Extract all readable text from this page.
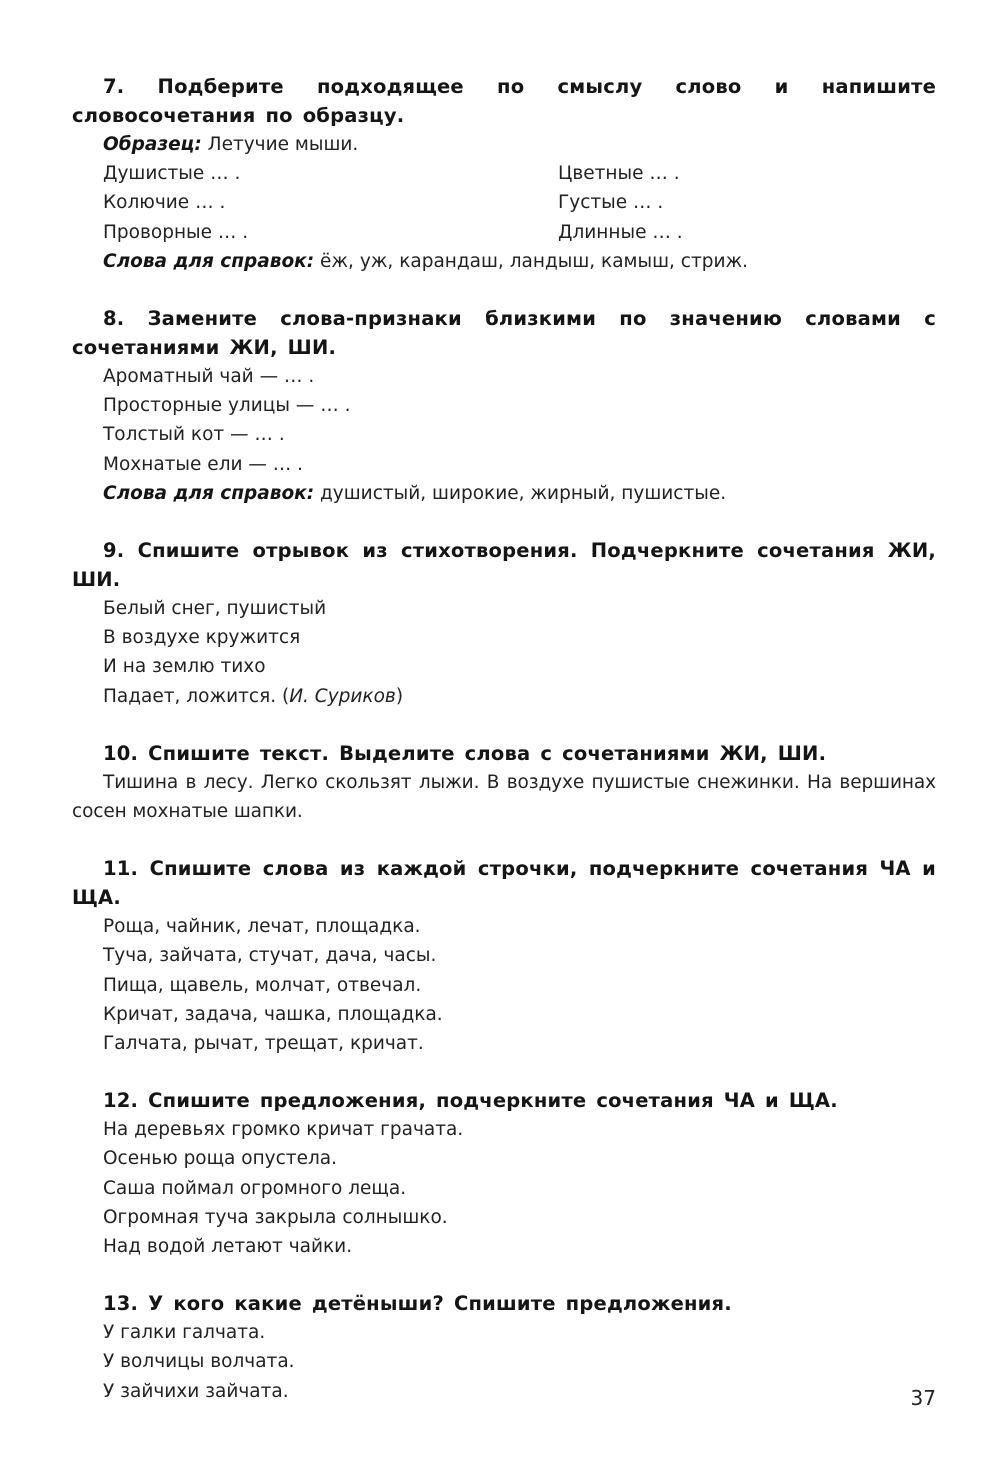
7. Подберите подходящее по смыслу слово и напишите словосочетания по образцу.
Образец: Летучие мыши.
Душистые … .	Цветные … .
Колючие … .	Густые … .
Проворные … .	Длинные … .
Слова для справок: ёж, уж, карандаш, ландыш, камыш, стриж.
8. Замените слова-признаки близкими по значению словами с сочетаниями ЖИ, ШИ.
Ароматный чай — … .
Просторные улицы — … .
Толстый кот — … .
Мохнатые ели — … .
Слова для справок: душистый, широкие, жирный, пушистые.
9. Спишите отрывок из стихотворения. Подчеркните сочетания ЖИ, ШИ.
Белый снег, пушистый
В воздухе кружится
И на землю тихо
Падает, ложится. (И. Суриков)
10. Спишите текст. Выделите слова с сочетаниями ЖИ, ШИ.
Тишина в лесу. Легко скользят лыжи. В воздухе пушистые снежинки. На вершинах сосен мохнатые шапки.
11. Спишите слова из каждой строчки, подчеркните сочетания ЧА и ЩА.
Роща, чайник, лечат, площадка.
Туча, зайчата, стучат, дача, часы.
Пища, щавель, молчат, отвечал.
Кричат, задача, чашка, площадка.
Галчата, рычат, трещат, кричат.
12. Спишите предложения, подчеркните сочетания ЧА и ЩА.
На деревьях громко кричат грачата.
Осенью роща опустела.
Саша поймал огромного леща.
Огромная туча закрыла солнышко.
Над водой летают чайки.
13. У кого какие детёныши? Спишите предложения.
У галки галчата.
У волчицы волчата.
У зайчихи зайчата.	37
